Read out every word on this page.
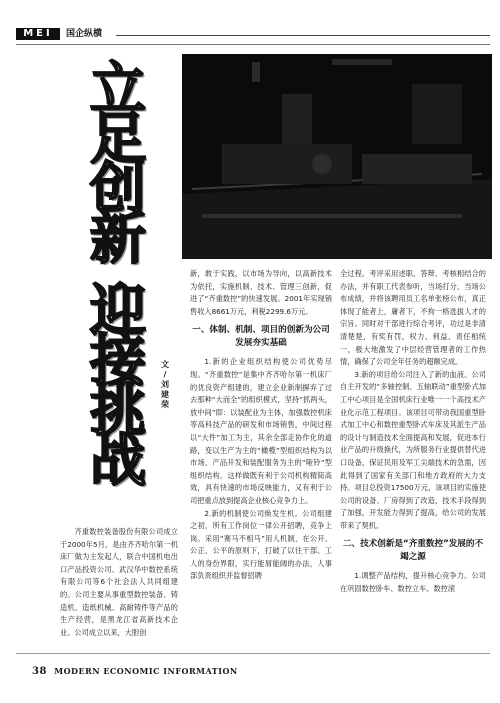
MEI	国企纵横
立
足
创
新
迎
接
挑
战
文
/
刘
建
荣

齐重数控装备股份有限公司成立于2000年5月，是由齐齐哈尔第一机床厂做为主发起人，联合中国机电出口产品投资公司、武汉华中数控系统有限公司等6个社会法人共同组建的。公司主要从事重型数控装备、铸造机、造纸机械、高耐铸件等产品的生产经营，是黑龙江省高新技术企业。公司成立以来，大胆创

新，敢于实践，以市场为导向，以高新技术为依托，实施机制、技术、管理三创新，促进了“齐重数控”的快速发展。2001年实现销售收入8661万元，利税2299.6万元。

一、体制、机制、项目的创新为公司发展夯实基础

1.新的企业组织结构使公司优势尽现。“齐重数控”是集中齐齐哈尔第一机床厂的优良资产组建的，建立企业新制摒弃了过去那种“大而全”的组织模式，坚持“抓两头，放中间”即：以装配业为主体，加强数控机床等高科技产品的研发和市场销售，中间过程以“大件”加工为主，其余全部走协作化的道路，变以生产为主的“橄榄”型组织结构为以市场、产品开发和装配服务为主的“哑铃”型组织结构。这样做既有利于公司机构精简高效，具有快速的市场反映能力，又有利于公司把重点放到提高企业核心竞争力上。

2.新的机制使公司焕发生机。公司组建之初，所有工作岗位一律公开招聘，竞争上岗。采用“赛马不相马”用人机制，在公开、公正、公平的原则下，打破了以往干部、工人的身份界限，实行能屑能阔的办法，人事部负责组织并监督招聘

全过程。考评采用述职、答辩、考核相结合的办法，并有职工代表参听，当场打分，当场公布成绩，并将该聘用员工名单张榜公布，真正体现了能者上，庸者下，不拘一格选拔人才的宗旨。同时对干部进行综合考评，功过是非清清楚楚，有奖有罚，权力、利益、责任相统一，极大地激发了中层经营管理者的工作热情，确保了公司全年任务的超额完成。

3.新的项目给公司注入了新的血液。公司自主开发的“多轴控制、五轴联动”重型卧式加工中心项目是全国机床行业唯一一个高技术产业化示范工程项目。该项目可带动我国重型卧式加工中心和数控重型卧式车床及其派生产品的设计与制造技术全面提高和发展，促进本行业产品的升级换代，为所服务行业提供替代进口设备，保证民用及军工尖端技术的急需，因此得到了国家有关部门和地方政府的大力支持。项目总投资17500万元，该项目的实施使公司的设备、厂房得到了改造，技术手段得到了加强，开发能力得到了提高，给公司的发展带来了契机。

二、技术创新是“齐重数控”发展的不竭之源

1.调整产品结构，提升核心竞争力。公司在巩固数控卧车、数控立车、数控滚

38 MODERN ECONOMIC INFORMATION
